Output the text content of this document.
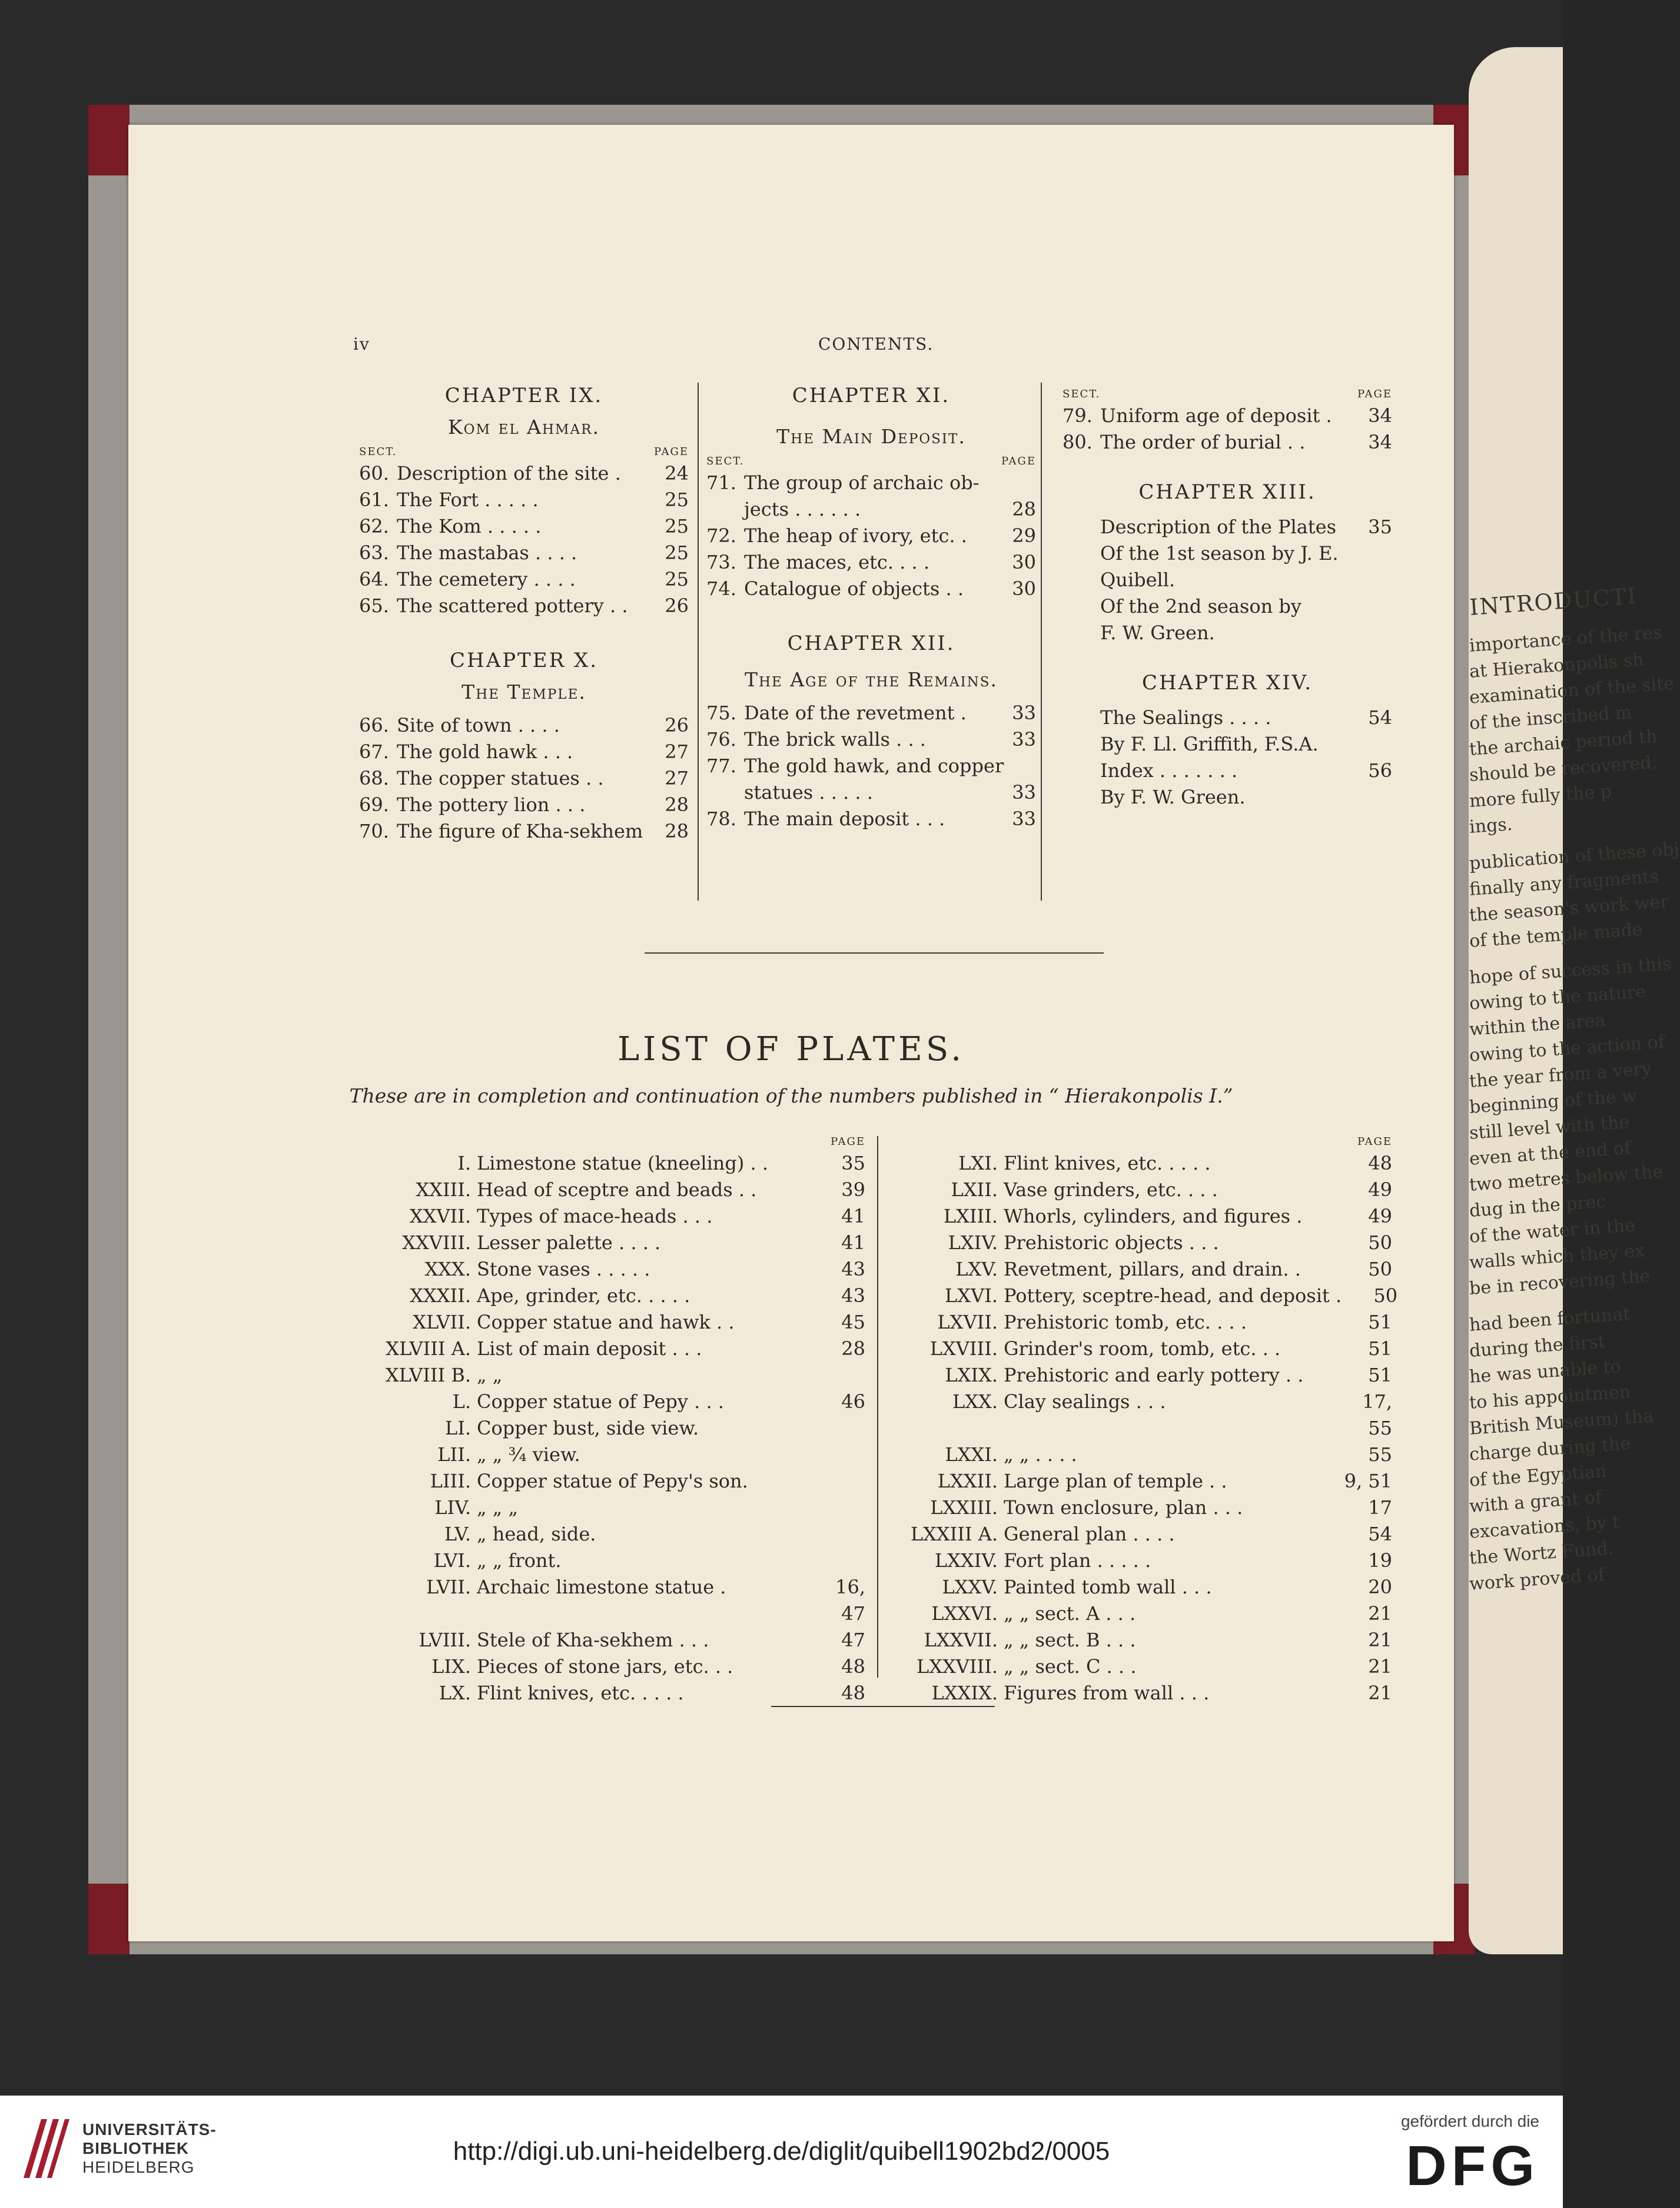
INTRODUCTI
importance of the res
at Hierakonpolis sh
examination of the site
of the inscribed m
the archaic period th
should be recovered,
more fully the p
ings.
publication of these obj
finally any fragments
the season's work wer
of the temple made
hope of success in this
owing to the nature
within the area
owing to the action of
the year from a very
beginning of the w
still level with the
even at the end of
two metres below the
dug in the prec
of the water in the
walls which they ex
be in recovering the
had been fortunat
during the first
he was unable to
to his appointmen
British Museum) tha
charge during the
of the Egyptian
with a grant of
excavations, by t
the Wortz Fund.
work proved of
iv	CONTENTS.
CHAPTER IX.
Kom el Ahmar.
SECT.	PAGE
60. Description of the site .	24
61. The Fort . . . . .	25
62. The Kom . . . . .	25
63. The mastabas . . . .	25
64. The cemetery . . . .	25
65. The scattered pottery . .	26
CHAPTER X.
The Temple.
66. Site of town . . . .	26
67. The gold hawk . . .	27
68. The copper statues . .	27
69. The pottery lion . . .	28
70. The figure of Kha-sekhem	28
CHAPTER XI.
The Main Deposit.
SECT.	PAGE
71. The group of archaic ob-
jects . . . . . .	28
72. The heap of ivory, etc. .	29
73. The maces, etc. . . .	30
74. Catalogue of objects . .	30
CHAPTER XII.
The Age of the Remains.
75. Date of the revetment .	33
76. The brick walls . . .	33
77. The gold hawk, and copper
statues . . . . .	33
78. The main deposit . . .	33
SECT.	PAGE
79. Uniform age of deposit .	34
80. The order of burial . .	34
CHAPTER XIII.
Description of the Plates	35
Of the 1st season by J. E.
Quibell.
Of the 2nd season by
F. W. Green.
CHAPTER XIV.
The Sealings . . . .	54
By F. Ll. Griffith, F.S.A.
Index . . . . . . .	56
By F. W. Green.
LIST OF PLATES.
These are in completion and continuation of the numbers published in “ Hierakonpolis I.”
PAGE
I. Limestone statue (kneeling) . .	35
XXIII. Head of sceptre and beads . .	39
XXVII. Types of mace-heads . . .	41
XXVIII. Lesser palette . . . .	41
XXX. Stone vases . . . . .	43
XXXII. Ape, grinder, etc. . . . .	43
XLVII. Copper statue and hawk . .	45
XLVIII A. List of main deposit . . .	28
XLVIII B. „ „
L. Copper statue of Pepy . . .	46
LI. Copper bust, side view.
LII. „ „ ¾ view.
LIII. Copper statue of Pepy's son.
LIV. „ „ „
LV. „ head, side.
LVI. „ „ front.
LVII. Archaic limestone statue .	16, 47
LVIII. Stele of Kha-sekhem . . .	47
LIX. Pieces of stone jars, etc. . .	48
LX. Flint knives, etc. . . . .	48
PAGE
LXI. Flint knives, etc. . . . .	48
LXII. Vase grinders, etc. . . .	49
LXIII. Whorls, cylinders, and figures .	49
LXIV. Prehistoric objects . . .	50
LXV. Revetment, pillars, and drain. .	50
LXVI. Pottery, sceptre-head, and deposit .	50
LXVII. Prehistoric tomb, etc. . . .	51
LXVIII. Grinder's room, tomb, etc. . .	51
LXIX. Prehistoric and early pottery . .	51
LXX. Clay sealings . . .	17, 55
LXXI. „ „ . . . .	55
LXXII. Large plan of temple . .	9, 51
LXXIII. Town enclosure, plan . . .	17
LXXIII A. General plan . . . .	54
LXXIV. Fort plan . . . . .	19
LXXV. Painted tomb wall . . .	20
LXXVI. „ „ sect. A . . .	21
LXXVII. „ „ sect. B . . .	21
LXXVIII. „ „ sect. C . . .	21
LXXIX. Figures from wall . . .	21
UNIVERSITÄTS-
BIBLIOTHEK
HEIDELBERG
http://digi.ub.uni-heidelberg.de/diglit/quibell1902bd2/0005
gefördert durch die
DFG
